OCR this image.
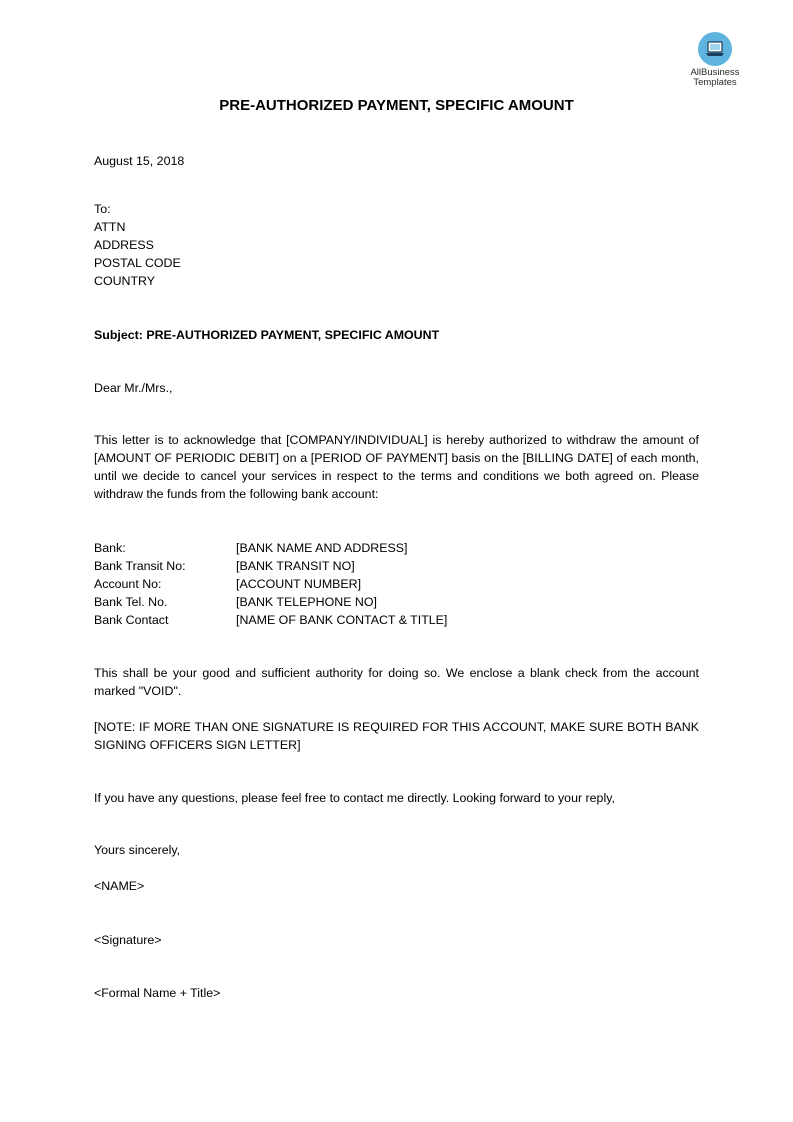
AllBusiness
Templates
PRE-AUTHORIZED PAYMENT, SPECIFIC AMOUNT
August 15, 2018
To:
ATTN
ADDRESS
POSTAL CODE
COUNTRY
Subject: PRE-AUTHORIZED PAYMENT, SPECIFIC AMOUNT
Dear Mr./Mrs.,
This letter is to acknowledge that [COMPANY/INDIVIDUAL] is hereby authorized to withdraw the amount of [AMOUNT OF PERIODIC DEBIT] on a [PERIOD OF PAYMENT] basis on the [BILLING DATE] of each month, until we decide to cancel your services in respect to the terms and conditions we both agreed on. Please withdraw the funds from the following bank account:
Bank:	[BANK NAME AND ADDRESS]
Bank Transit No:	[BANK TRANSIT NO]
Account No:	[ACCOUNT NUMBER]
Bank Tel. No.	[BANK TELEPHONE NO]
Bank Contact	[NAME OF BANK CONTACT & TITLE]
This shall be your good and sufficient authority for doing so. We enclose a blank check from the account marked "VOID".
[NOTE: IF MORE THAN ONE SIGNATURE IS REQUIRED FOR THIS ACCOUNT, MAKE SURE BOTH BANK SIGNING OFFICERS SIGN LETTER]
If you have any questions, please feel free to contact me directly. Looking forward to your reply,
Yours sincerely,
<NAME>
<Signature>
<Formal Name + Title>
